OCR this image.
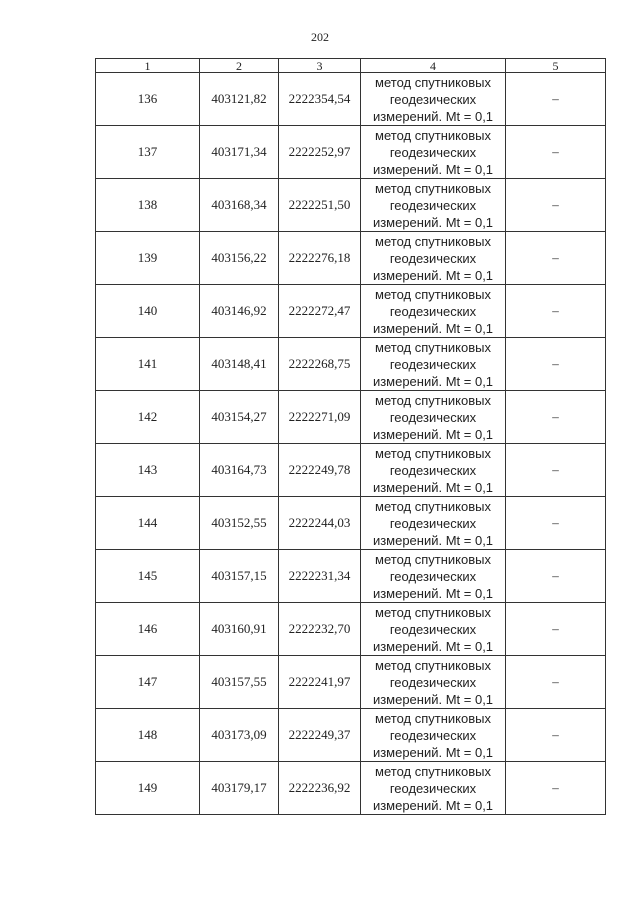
202
1	2	3	4	5
136	403121,82	2222354,54	метод спутниковых
геодезических
измерений. Mt = 0,1	–
137	403171,34	2222252,97	метод спутниковых
геодезических
измерений. Mt = 0,1	–
138	403168,34	2222251,50	метод спутниковых
геодезических
измерений. Mt = 0,1	–
139	403156,22	2222276,18	метод спутниковых
геодезических
измерений. Mt = 0,1	–
140	403146,92	2222272,47	метод спутниковых
геодезических
измерений. Mt = 0,1	–
141	403148,41	2222268,75	метод спутниковых
геодезических
измерений. Mt = 0,1	–
142	403154,27	2222271,09	метод спутниковых
геодезических
измерений. Mt = 0,1	–
143	403164,73	2222249,78	метод спутниковых
геодезических
измерений. Mt = 0,1	–
144	403152,55	2222244,03	метод спутниковых
геодезических
измерений. Mt = 0,1	–
145	403157,15	2222231,34	метод спутниковых
геодезических
измерений. Mt = 0,1	–
146	403160,91	2222232,70	метод спутниковых
геодезических
измерений. Mt = 0,1	–
147	403157,55	2222241,97	метод спутниковых
геодезических
измерений. Mt = 0,1	–
148	403173,09	2222249,37	метод спутниковых
геодезических
измерений. Mt = 0,1	–
149	403179,17	2222236,92	метод спутниковых
геодезических
измерений. Mt = 0,1	–
